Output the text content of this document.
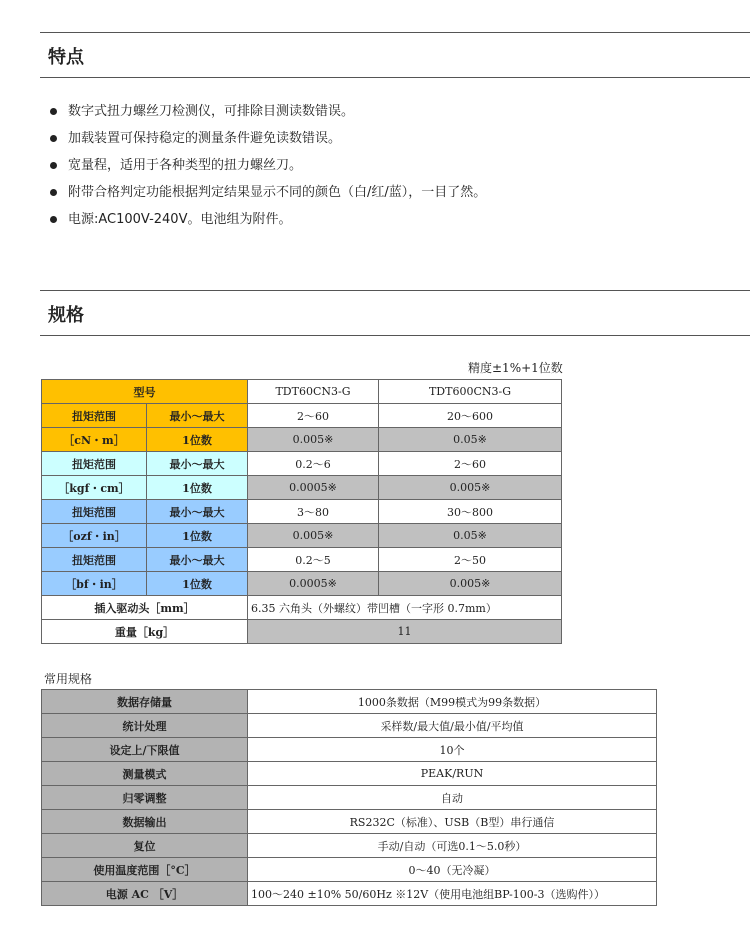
特点
数字式扭力螺丝刀检测仪，可排除目测读数错误。
加载装置可保持稳定的测量条件避免读数错误。
宽量程，适用于各种类型的扭力螺丝刀。
附带合格判定功能根据判定结果显示不同的颜色（白/红/蓝），一目了然。
电源:AC100V-240V。电池组为附件。
规格
精度±1%+1位数
型号		TDT60CN3-G	TDT600CN3-G
扭矩范围	最小～最大	2～60	20～600
［cN・m］	1位数	0.005※	0.05※
扭矩范围	最小～最大	0.2～6	2～60
［kgf・cm］	1位数	0.0005※	0.005※
扭矩范围	最小～最大	3～80	30～800
［ozf・in］	1位数	0.005※	0.05※
扭矩范围	最小～最大	0.2～5	2～50
［bf・in］	1位数	0.0005※	0.005※
插入驱动头［mm］		6.35 六角头（外螺纹）带凹槽（一字形 0.7mm）	
重量［kg］		11	
常用规格
数据存储量	1000条数据（M99模式为99条数据）
统计处理	采样数/最大值/最小值/平均值
设定上/下限值	10个
测量模式	PEAK/RUN
归零调整	自动
数据输出	RS232C（标准）、USB（B型）串行通信
复位	手动/自动（可选0.1～5.0秒）
使用温度范围［°C］	0～40（无冷凝）
电源 AC ［V］	100～240 ±10% 50/60Hz ※12V（使用电池组BP-100-3（选购件））
